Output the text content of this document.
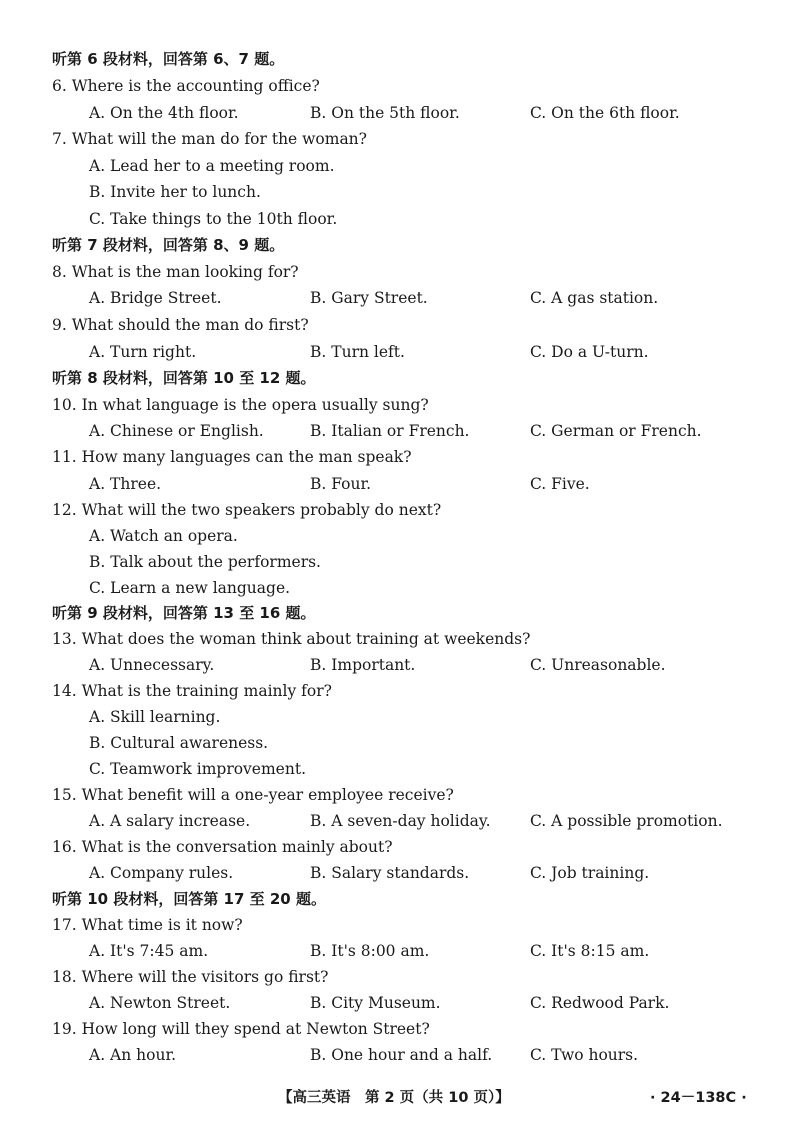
听第 6 段材料，回答第 6、7 题。
6. Where is the accounting office?
A. On the 4th floor.	B. On the 5th floor.	C. On the 6th floor.
7. What will the man do for the woman?
A. Lead her to a meeting room.
B. Invite her to lunch.
C. Take things to the 10th floor.
听第 7 段材料，回答第 8、9 题。
8. What is the man looking for?
A. Bridge Street.	B. Gary Street.	C. A gas station.
9. What should the man do first?
A. Turn right.	B. Turn left.	C. Do a U-turn.
听第 8 段材料，回答第 10 至 12 题。
10. In what language is the opera usually sung?
A. Chinese or English.	B. Italian or French.	C. German or French.
11. How many languages can the man speak?
A. Three.	B. Four.	C. Five.
12. What will the two speakers probably do next?
A. Watch an opera.
B. Talk about the performers.
C. Learn a new language.
听第 9 段材料，回答第 13 至 16 题。
13. What does the woman think about training at weekends?
A. Unnecessary.	B. Important.	C. Unreasonable.
14. What is the training mainly for?
A. Skill learning.
B. Cultural awareness.
C. Teamwork improvement.
15. What benefit will a one-year employee receive?
A. A salary increase.	B. A seven-day holiday.	C. A possible promotion.
16. What is the conversation mainly about?
A. Company rules.	B. Salary standards.	C. Job training.
听第 10 段材料，回答第 17 至 20 题。
17. What time is it now?
A. It's 7:45 am.	B. It's 8:00 am.	C. It's 8:15 am.
18. Where will the visitors go first?
A. Newton Street.	B. City Museum.	C. Redwood Park.
19. How long will they spend at Newton Street?
A. An hour.	B. One hour and a half. C. Two hours.
【高三英语　第 2 页（共 10 页）】	· 24－138C ·
